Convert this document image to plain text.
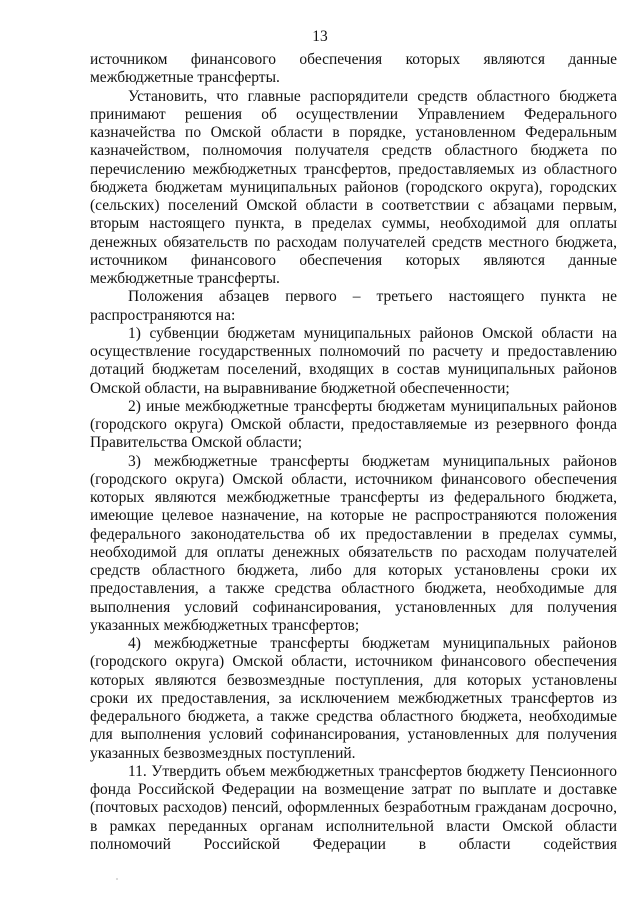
13

источником финансового обеспечения которых являются данные межбюджетные трансферты.

Установить, что главные распорядители средств областного бюджета принимают решения об осуществлении Управлением Федерального казначейства по Омской области в порядке, установленном Федеральным казначейством, полномочия получателя средств областного бюджета по перечислению межбюджетных трансфертов, предоставляемых из областного бюджета бюджетам муниципальных районов (городского округа), городских (сельских) поселений Омской области в соответствии с абзацами первым, вторым настоящего пункта, в пределах суммы, необходимой для оплаты денежных обязательств по расходам получателей средств местного бюджета, источником финансового обеспечения которых являются данные межбюджетные трансферты.

Положения абзацев первого – третьего настоящего пункта не распространяются на:

1) субвенции бюджетам муниципальных районов Омской области на осуществление государственных полномочий по расчету и предоставлению дотаций бюджетам поселений, входящих в состав муниципальных районов Омской области, на выравнивание бюджетной обеспеченности;

2) иные межбюджетные трансферты бюджетам муниципальных районов (городского округа) Омской области, предоставляемые из резервного фонда Правительства Омской области;

3) межбюджетные трансферты бюджетам муниципальных районов (городского округа) Омской области, источником финансового обеспечения которых являются межбюджетные трансферты из федерального бюджета, имеющие целевое назначение, на которые не распространяются положения федерального законодательства об их предоставлении в пределах суммы, необходимой для оплаты денежных обязательств по расходам получателей средств областного бюджета, либо для которых установлены сроки их предоставления, а также средства областного бюджета, необходимые для выполнения условий софинансирования, установленных для получения указанных межбюджетных трансфертов;

4) межбюджетные трансферты бюджетам муниципальных районов (городского округа) Омской области, источником финансового обеспечения которых являются безвозмездные поступления, для которых установлены сроки их предоставления, за исключением межбюджетных трансфертов из федерального бюджета, а также средства областного бюджета, необходимые для выполнения условий софинансирования, установленных для получения указанных безвозмездных поступлений.

11. Утвердить объем межбюджетных трансфертов бюджету Пенсионного фонда Российской Федерации на возмещение затрат по выплате и доставке (почтовых расходов) пенсий, оформленных безработным гражданам досрочно, в рамках переданных органам исполнительной власти Омской области полномочий Российской Федерации в области содействия
